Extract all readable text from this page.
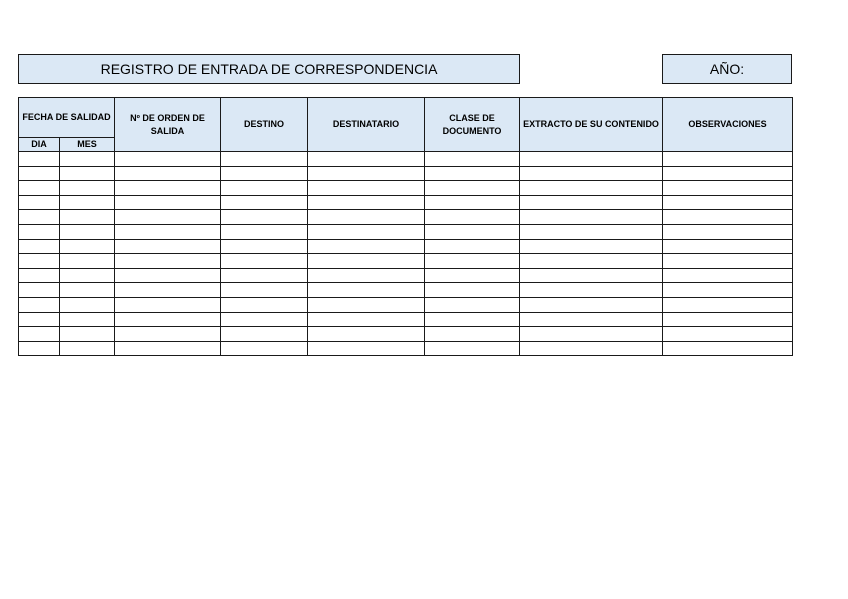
REGISTRO DE ENTRADA DE CORRESPONDENCIA	AÑO:
FECHA DE SALIDAD		Nº DE ORDEN DE SALIDA	DESTINO	DESTINATARIO	CLASE DE DOCUMENTO	EXTRACTO DE SU CONTENIDO	OBSERVACIONES
DIA	MES						
